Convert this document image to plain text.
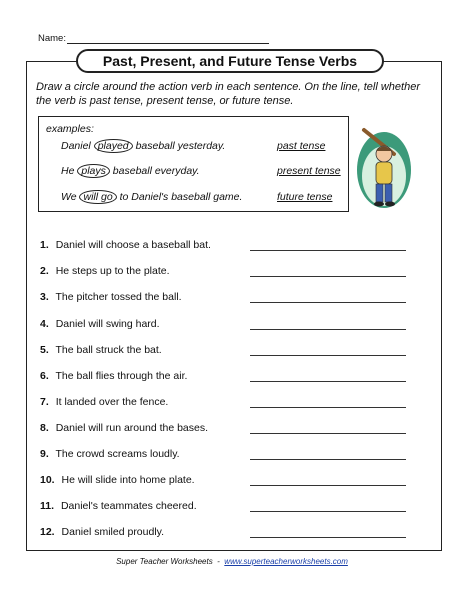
Name:
Past, Present, and Future Tense Verbs
Draw a circle around the action verb in each sentence. On the line, tell whether the verb is past tense, present tense, or future tense.
examples:
Daniel played baseball yesterday.	past tense
He plays baseball everyday.	present tense
We will go to Daniel's baseball game.	future tense
1. Daniel will choose a baseball bat.
2. He steps up to the plate.
3. The pitcher tossed the ball.
4. Daniel will swing hard.
5. The ball struck the bat.
6. The ball flies through the air.
7. It landed over the fence.
8. Daniel will run around the bases.
9. The crowd screams loudly.
10. He will slide into home plate.
11. Daniel's teammates cheered.
12. Daniel smiled proudly.
Super Teacher Worksheets - www.superteacherworksheets.com
